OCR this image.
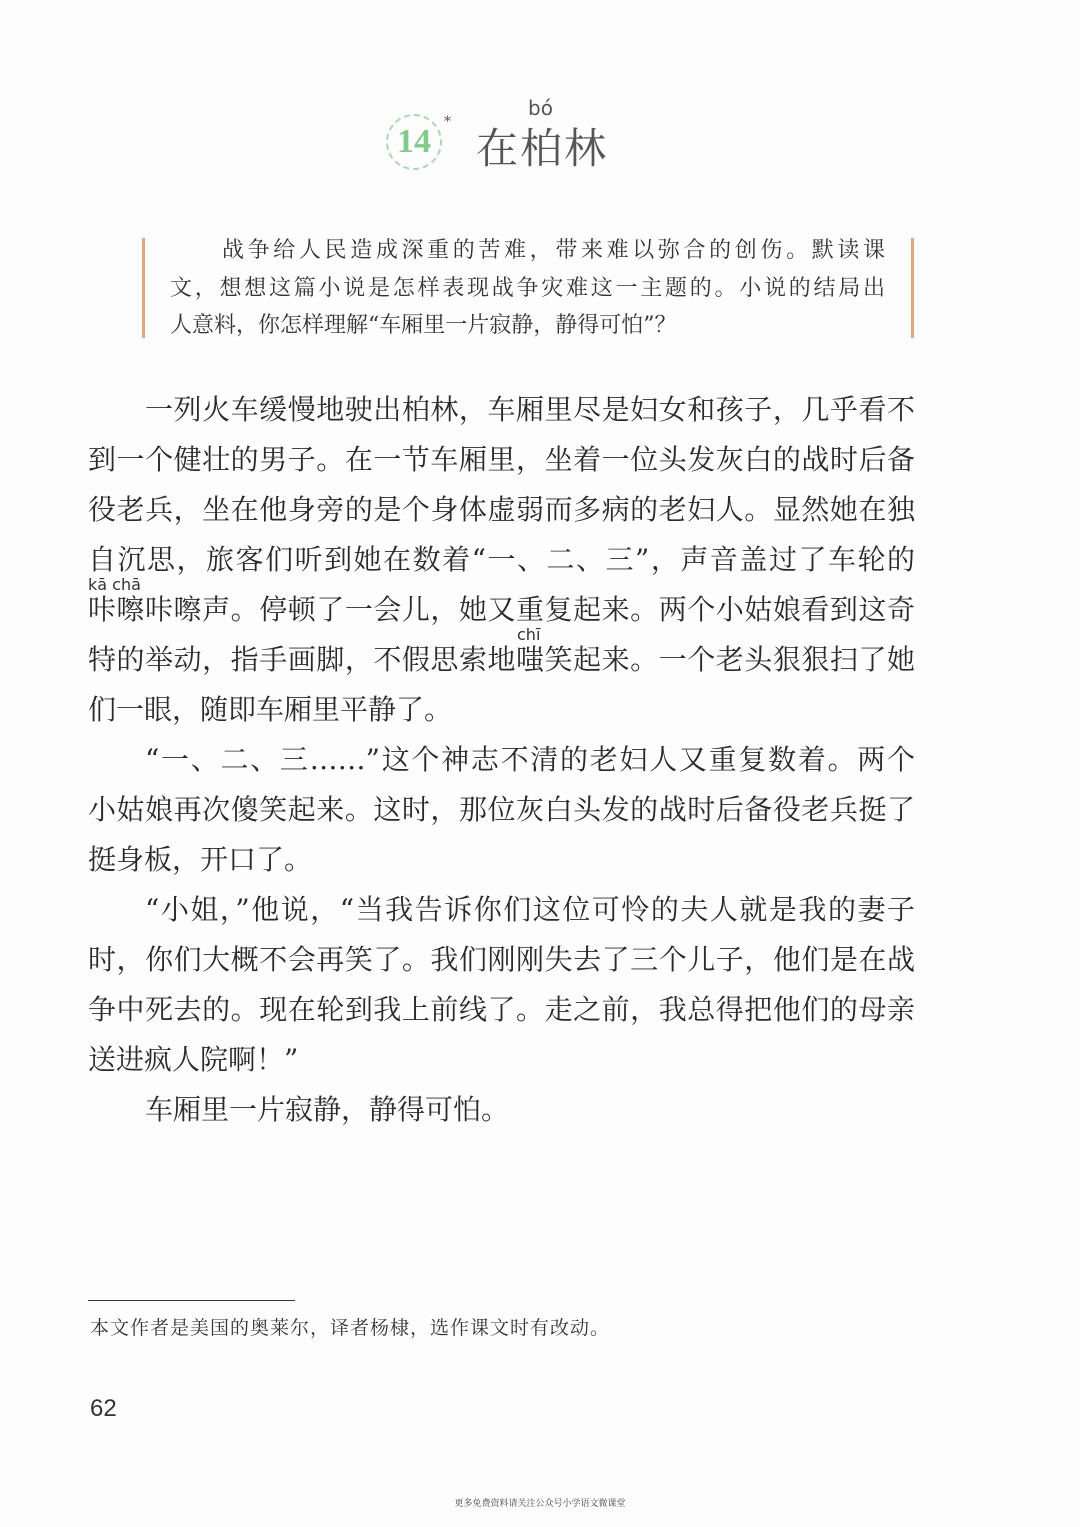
14
*
bó
在柏林
战争给人民造成深重的苦难，带来难以弥合的创伤。默读课
文，想想这篇小说是怎样表现战争灾难这一主题的。小说的结局出
人意料，你怎样理解“车厢里一片寂静，静得可怕”？
一列火车缓慢地驶出柏林，车厢里尽是妇女和孩子，几乎看不
到一个健壮的男子。在一节车厢里，坐着一位头发灰白的战时后备
役老兵，坐在他身旁的是个身体虚弱而多病的老妇人。显然她在独
自沉思，旅客们听到她在数着“一、二、三”，声音盖过了车轮的
kā chā
咔嚓咔嚓声。停顿了一会儿，她又重复起来。两个小姑娘看到这奇
chī
特的举动，指手画脚，不假思索地嗤笑起来。一个老头狠狠扫了她
们一眼，随即车厢里平静了。
“一、二、三……”这个神志不清的老妇人又重复数着。两个
小姑娘再次傻笑起来。这时，那位灰白头发的战时后备役老兵挺了
挺身板，开口了。
“小姐，”他说，“当我告诉你们这位可怜的夫人就是我的妻子
时，你们大概不会再笑了。我们刚刚失去了三个儿子，他们是在战
争中死去的。现在轮到我上前线了。走之前，我总得把他们的母亲
送进疯人院啊！”
车厢里一片寂静，静得可怕。
本文作者是美国的奥莱尔，译者杨棣，选作课文时有改动。
62
更多免费资料请关注公众号小学语文微课堂
